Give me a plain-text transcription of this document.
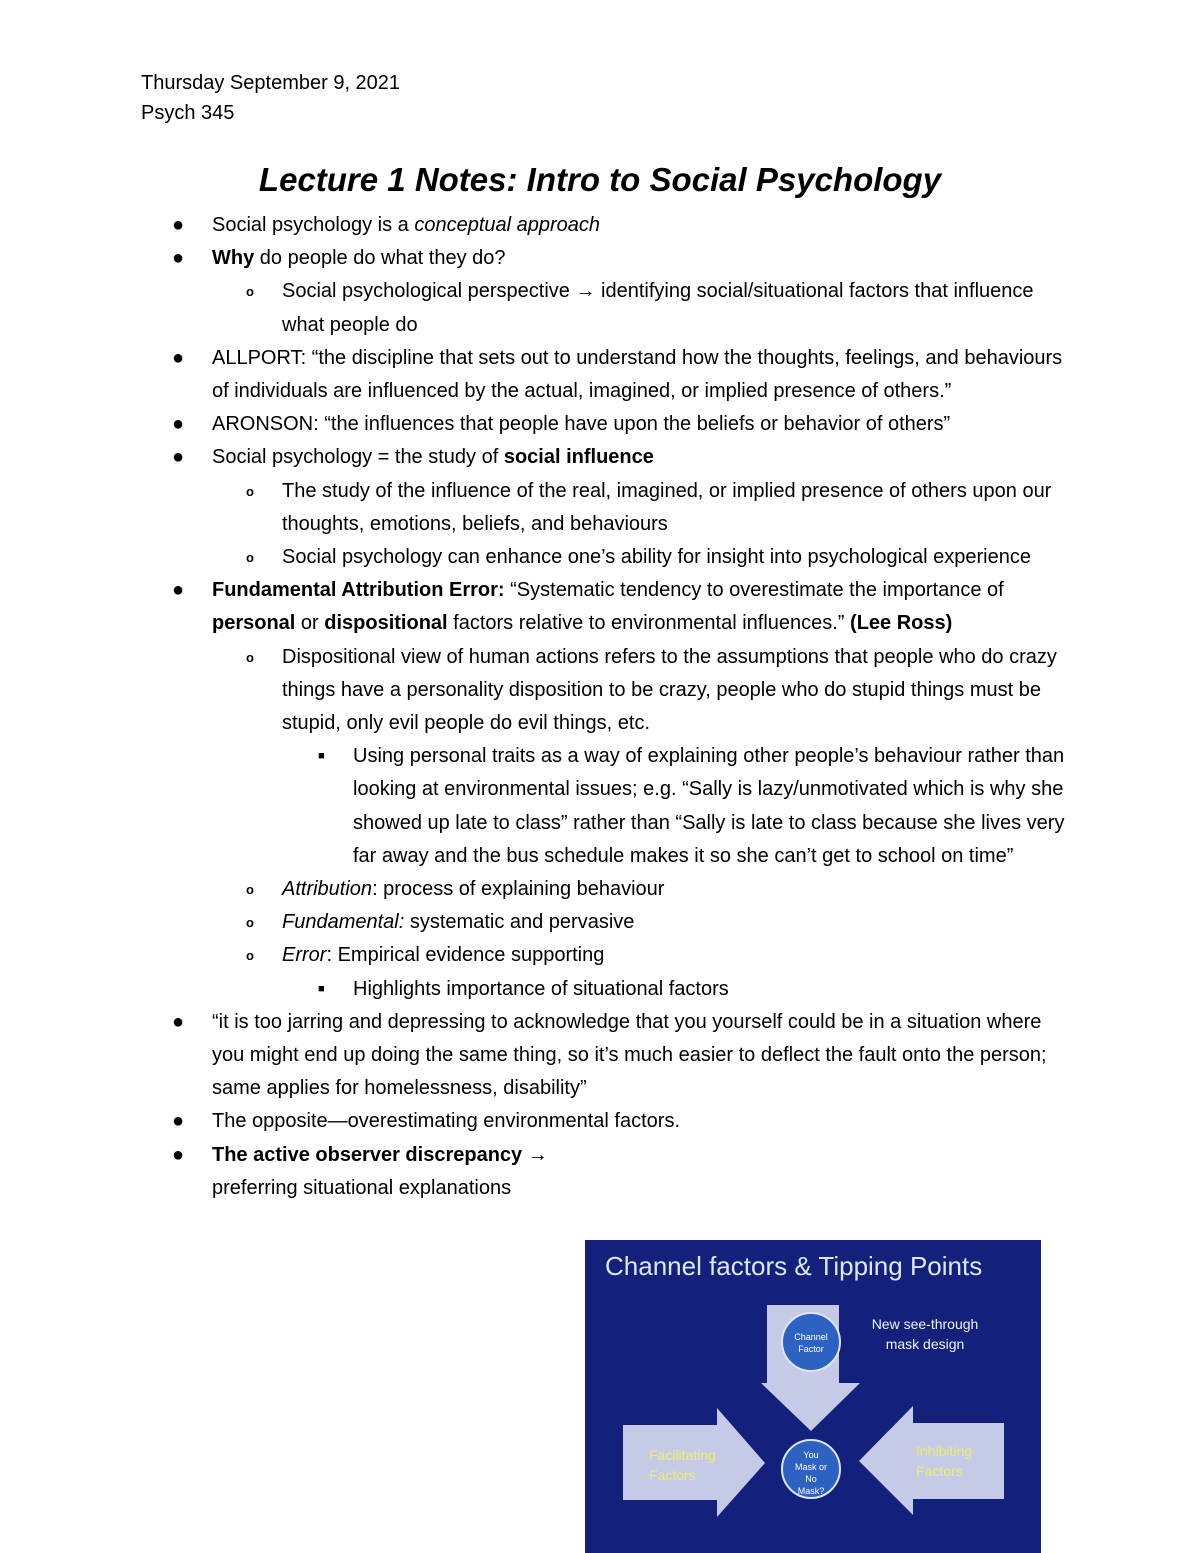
Thursday September 9, 2021
Psych 345
Lecture 1 Notes: Intro to Social Psychology
● Social psychology is a conceptual approach
● Why do people do what they do?
o Social psychological perspective → identifying social/situational factors that influence what people do
● ALLPORT: “the discipline that sets out to understand how the thoughts, feelings, and behaviours of individuals are influenced by the actual, imagined, or implied presence of others.”
● ARONSON: “the influences that people have upon the beliefs or behavior of others”
● Social psychology = the study of social influence
o The study of the influence of the real, imagined, or implied presence of others upon our thoughts, emotions, beliefs, and behaviours
o Social psychology can enhance one’s ability for insight into psychological experience
● Fundamental Attribution Error: “Systematic tendency to overestimate the importance of personal or dispositional factors relative to environmental influences.” (Lee Ross)
o Dispositional view of human actions refers to the assumptions that people who do crazy things have a personality disposition to be crazy, people who do stupid things must be stupid, only evil people do evil things, etc.
■ Using personal traits as a way of explaining other people’s behaviour rather than looking at environmental issues; e.g. “Sally is lazy/unmotivated which is why she showed up late to class” rather than “Sally is late to class because she lives very far away and the bus schedule makes it so she can’t get to school on time”
o Attribution: process of explaining behaviour
o Fundamental: systematic and pervasive
o Error: Empirical evidence supporting
■ Highlights importance of situational factors
● “it is too jarring and depressing to acknowledge that you yourself could be in a situation where you might end up doing the same thing, so it’s much easier to deflect the fault onto the person; same applies for homelessness, disability”
● The opposite—overestimating environmental factors.
● The active observer discrepancy → preferring situational explanations
Channel
Factor
You
Mask or
No
Mask?
Facilitating
Factors
Inhibiting
Factors
Channel factors & Tipping Points
New see-through mask design
